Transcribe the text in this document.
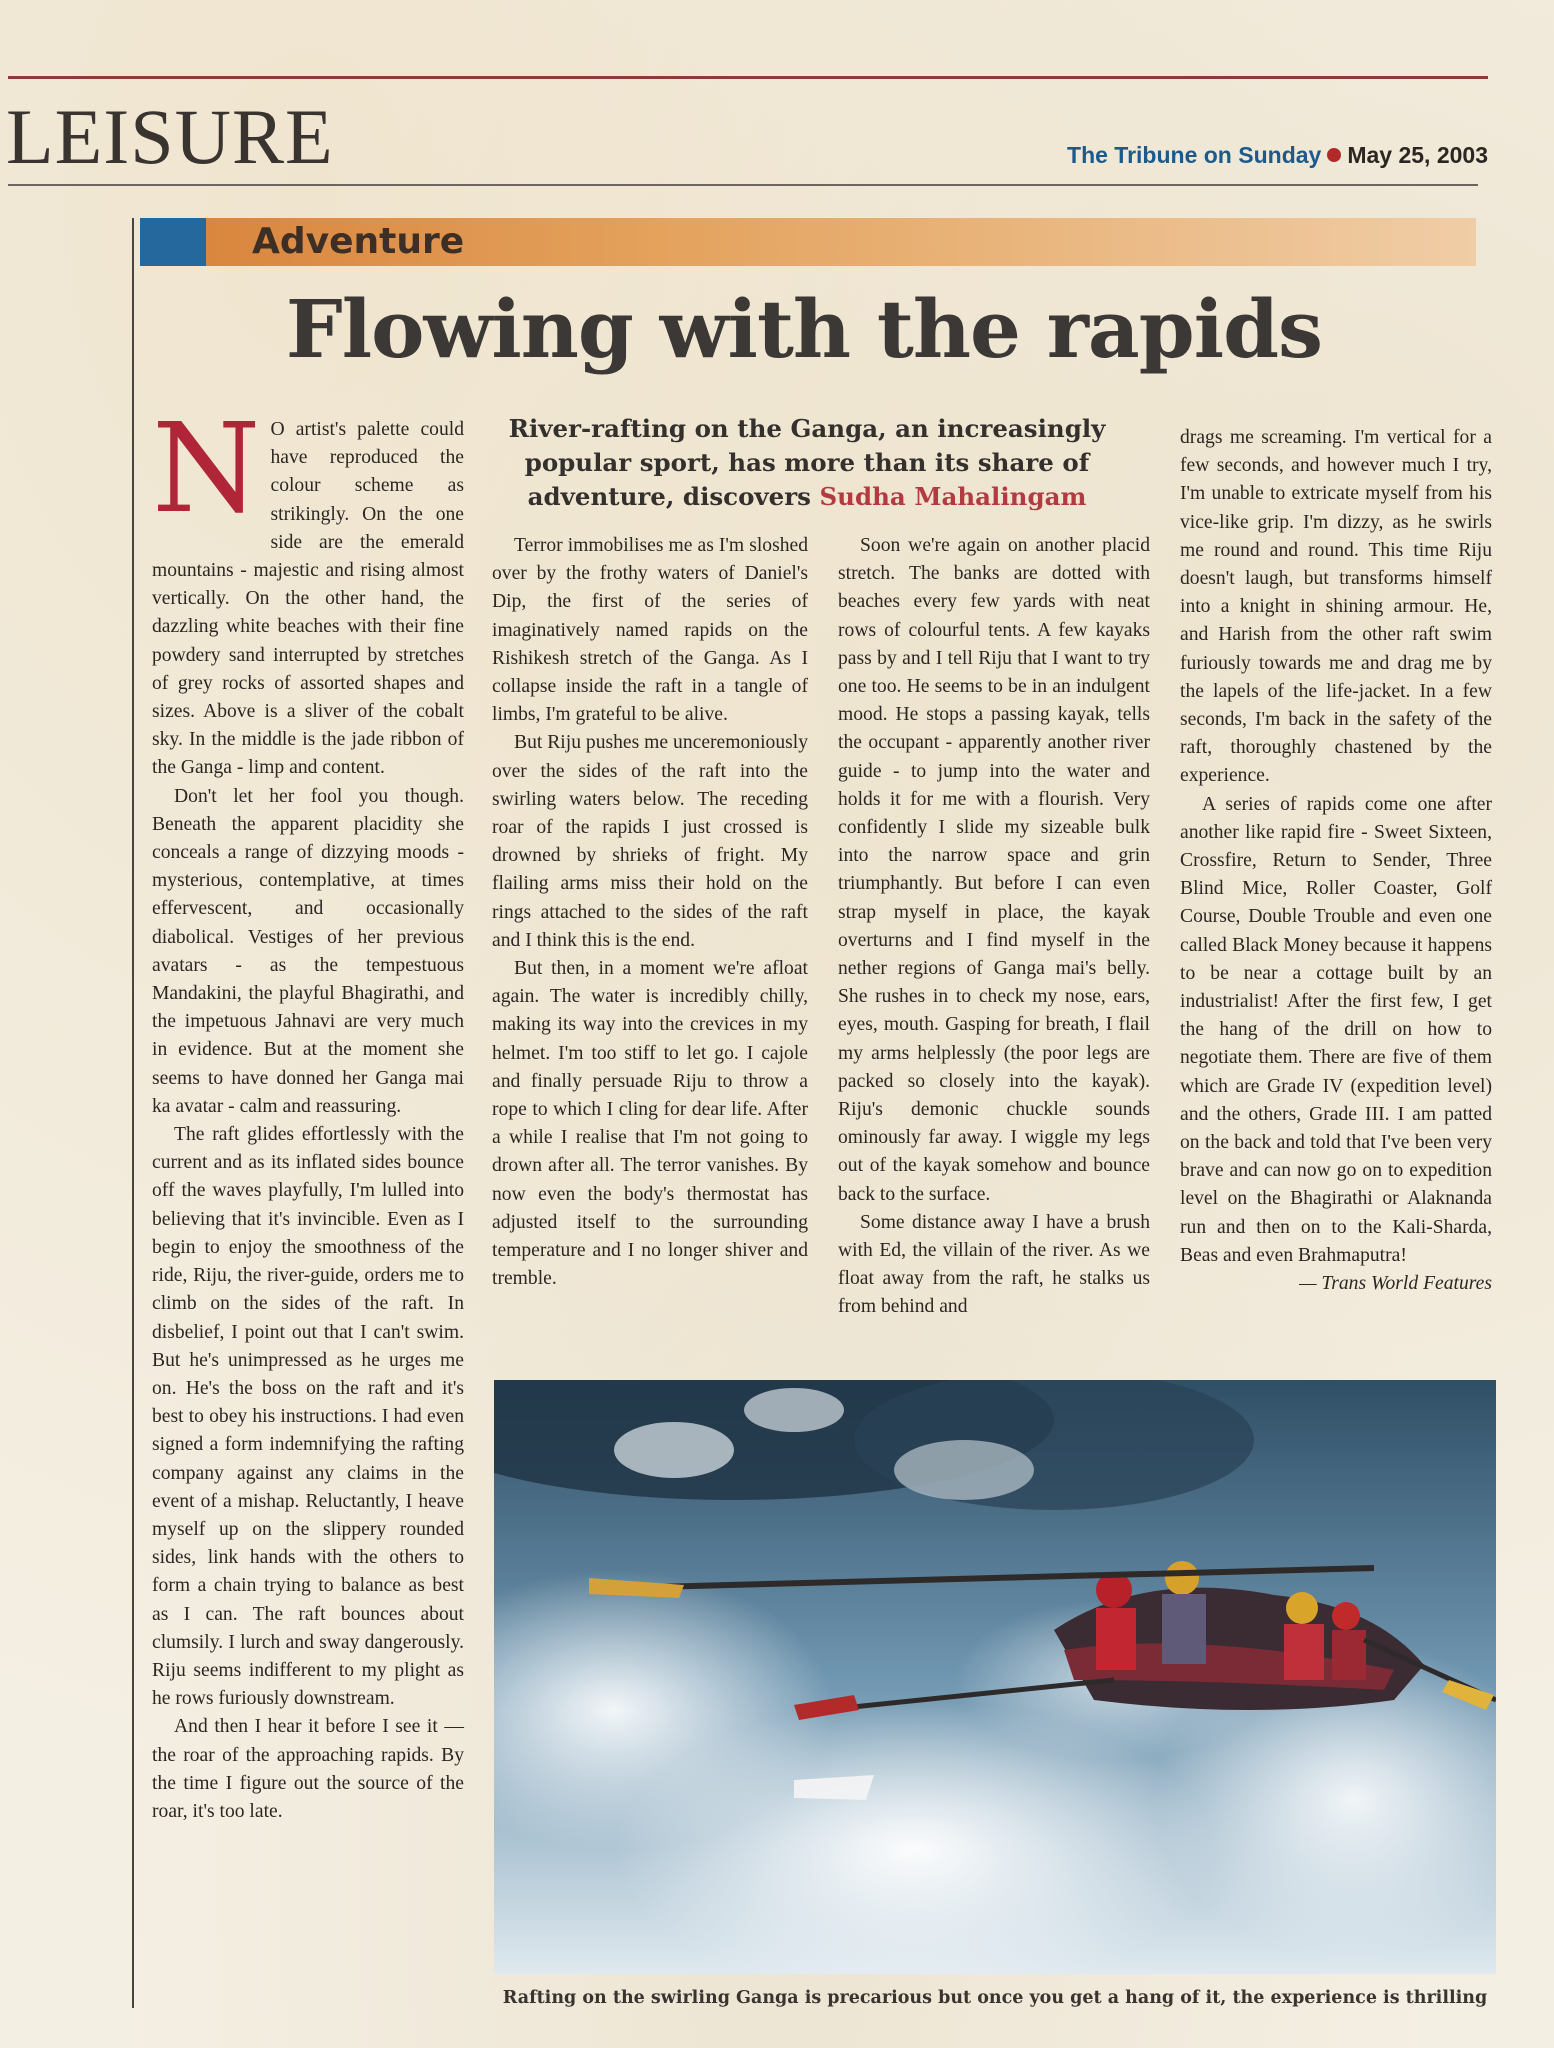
LEISURE	The Tribune on Sunday May 25, 2003
Adventure
Flowing with the rapids
River-rafting on the Ganga, an increasingly popular sport, has more than its share of adventure, discovers Sudha Mahalingam
N O artist's palette could have reproduced the colour scheme as strikingly. On the one side are the emerald mountains - majestic and rising almost vertically. On the other hand, the dazzling white beaches with their fine powdery sand interrupted by stretches of grey rocks of assorted shapes and sizes. Above is a sliver of the cobalt sky. In the middle is the jade ribbon of the Ganga - limp and content.

Don't let her fool you though. Beneath the apparent placidity she conceals a range of dizzying moods -mysterious, contemplative, at times effervescent, and occasionally diabolical. Vestiges of her previous avatars - as the tempestuous Mandakini, the playful Bhagirathi, and the impetuous Jahnavi are very much in evidence. But at the moment she seems to have donned her Ganga mai ka avatar - calm and reassuring.

The raft glides effortlessly with the current and as its inflated sides bounce off the waves playfully, I'm lulled into believing that it's invincible. Even as I begin to enjoy the smoothness of the ride, Riju, the river-guide, orders me to climb on the sides of the raft. In disbelief, I point out that I can't swim. But he's unimpressed as he urges me on. He's the boss on the raft and it's best to obey his instructions. I had even signed a form indemnifying the rafting company against any claims in the event of a mishap. Reluctantly, I heave myself up on the slippery rounded sides, link hands with the others to form a chain trying to balance as best as I can. The raft bounces about clumsily. I lurch and sway dangerously. Riju seems indifferent to my plight as he rows furiously downstream.

And then I hear it before I see it —the roar of the approaching rapids. By the time I figure out the source of the roar, it's too late.

Terror immobilises me as I'm sloshed over by the frothy waters of Daniel's Dip, the first of the series of imaginatively named rapids on the Rishikesh stretch of the Ganga. As I collapse inside the raft in a tangle of limbs, I'm grateful to be alive.

But Riju pushes me unceremoniously over the sides of the raft into the swirling waters below. The receding roar of the rapids I just crossed is drowned by shrieks of fright. My flailing arms miss their hold on the rings attached to the sides of the raft and I think this is the end.

But then, in a moment we're afloat again. The water is incredibly chilly, making its way into the crevices in my helmet. I'm too stiff to let go. I cajole and finally persuade Riju to throw a rope to which I cling for dear life. After a while I realise that I'm not going to drown after all. The terror vanishes. By now even the body's thermostat has adjusted itself to the surrounding temperature and I no longer shiver and tremble.

Soon we're again on another placid stretch. The banks are dotted with beaches every few yards with neat rows of colourful tents. A few kayaks pass by and I tell Riju that I want to try one too. He seems to be in an indulgent mood. He stops a passing kayak, tells the occupant - apparently another river guide - to jump into the water and holds it for me with a flourish. Very confidently I slide my sizeable bulk into the narrow space and grin triumphantly. But before I can even strap myself in place, the kayak overturns and I find myself in the nether regions of Ganga mai's belly. She rushes in to check my nose, ears, eyes, mouth. Gasping for breath, I flail my arms helplessly (the poor legs are packed so closely into the kayak). Riju's demonic chuckle sounds ominously far away. I wiggle my legs out of the kayak somehow and bounce back to the surface.

Some distance away I have a brush with Ed, the villain of the river. As we float away from the raft, he stalks us from behind and

drags me screaming. I'm vertical for a few seconds, and however much I try, I'm unable to extricate myself from his vice-like grip. I'm dizzy, as he swirls me round and round. This time Riju doesn't laugh, but transforms himself into a knight in shining armour. He, and Harish from the other raft swim furiously towards me and drag me by the lapels of the life-jacket. In a few seconds, I'm back in the safety of the raft, thoroughly chastened by the experience.

A series of rapids come one after another like rapid fire - Sweet Sixteen, Crossfire, Return to Sender, Three Blind Mice, Roller Coaster, Golf Course, Double Trouble and even one called Black Money because it happens to be near a cottage built by an industrialist! After the first few, I get the hang of the drill on how to negotiate them. There are five of them which are Grade IV (expedition level) and the others, Grade III. I am patted on the back and told that I've been very brave and can now go on to expedition level on the Bhagirathi or Alaknanda run and then on to the Kali-Sharda, Beas and even Brahmaputra!

— Trans World Features

Rafting on the swirling Ganga is precarious but once you get a hang of it, the experience is thrilling
